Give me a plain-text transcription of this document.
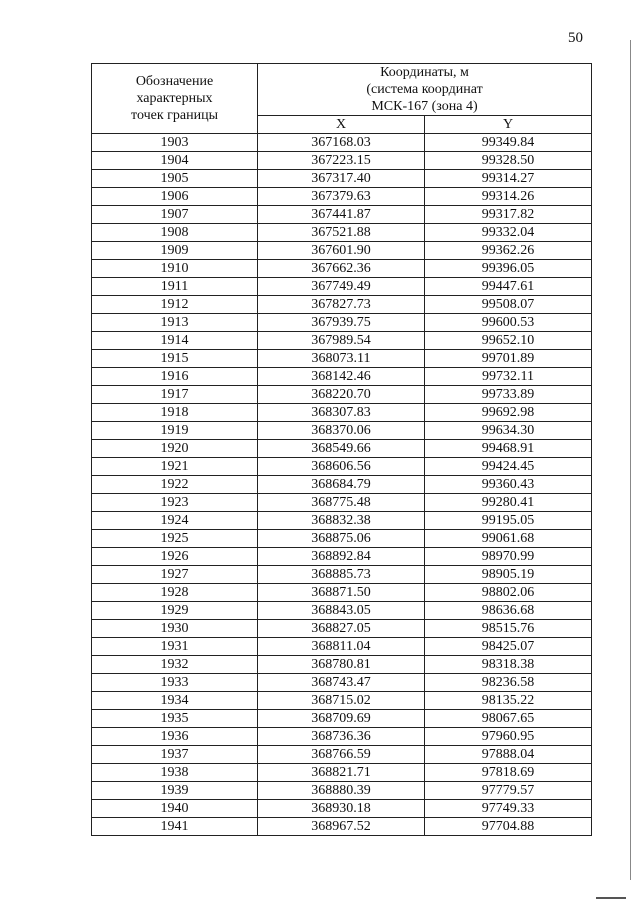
50
Обозначение
характерных
точек границы	Координаты, м
(система координат
МСК-167 (зона 4)	

	X	Y
1903	367168.03	99349.84
1904	367223.15	99328.50
1905	367317.40	99314.27
1906	367379.63	99314.26
1907	367441.87	99317.82
1908	367521.88	99332.04
1909	367601.90	99362.26
1910	367662.36	99396.05
1911	367749.49	99447.61
1912	367827.73	99508.07
1913	367939.75	99600.53
1914	367989.54	99652.10
1915	368073.11	99701.89
1916	368142.46	99732.11
1917	368220.70	99733.89
1918	368307.83	99692.98
1919	368370.06	99634.30
1920	368549.66	99468.91
1921	368606.56	99424.45
1922	368684.79	99360.43
1923	368775.48	99280.41
1924	368832.38	99195.05
1925	368875.06	99061.68
1926	368892.84	98970.99
1927	368885.73	98905.19
1928	368871.50	98802.06
1929	368843.05	98636.68
1930	368827.05	98515.76
1931	368811.04	98425.07
1932	368780.81	98318.38
1933	368743.47	98236.58
1934	368715.02	98135.22
1935	368709.69	98067.65
1936	368736.36	97960.95
1937	368766.59	97888.04
1938	368821.71	97818.69
1939	368880.39	97779.57
1940	368930.18	97749.33
1941	368967.52	97704.88
